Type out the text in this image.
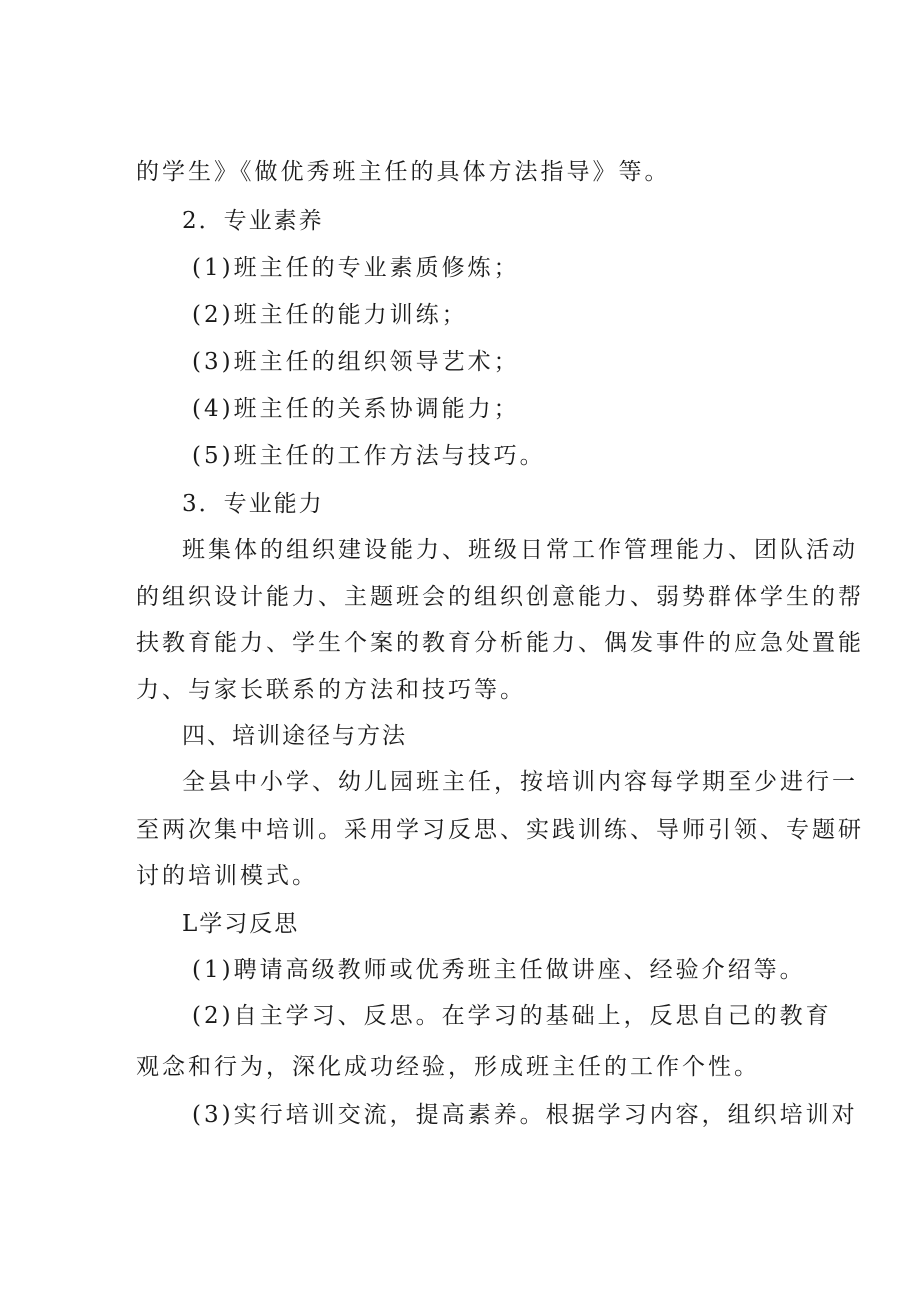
的学生》《做优秀班主任的具体方法指导》等。
2．专业素养
(1)班主任的专业素质修炼；
(2)班主任的能力训练；
(3)班主任的组织领导艺术；
(4)班主任的关系协调能力；
(5)班主任的工作方法与技巧。
3．专业能力
班集体的组织建设能力、班级日常工作管理能力、团队活动
的组织设计能力、主题班会的组织创意能力、弱势群体学生的帮
扶教育能力、学生个案的教育分析能力、偶发事件的应急处置能
力、与家长联系的方法和技巧等。
四、培训途径与方法
全县中小学、幼儿园班主任，按培训内容每学期至少进行一
至两次集中培训。采用学习反思、实践训练、导师引领、专题研
讨的培训模式。
L学习反思
(1)聘请高级教师或优秀班主任做讲座、经验介绍等。
(2)自主学习、反思。在学习的基础上，反思自己的教育
观念和行为，深化成功经验，形成班主任的工作个性。
(3)实行培训交流，提高素养。根据学习内容，组织培训对
